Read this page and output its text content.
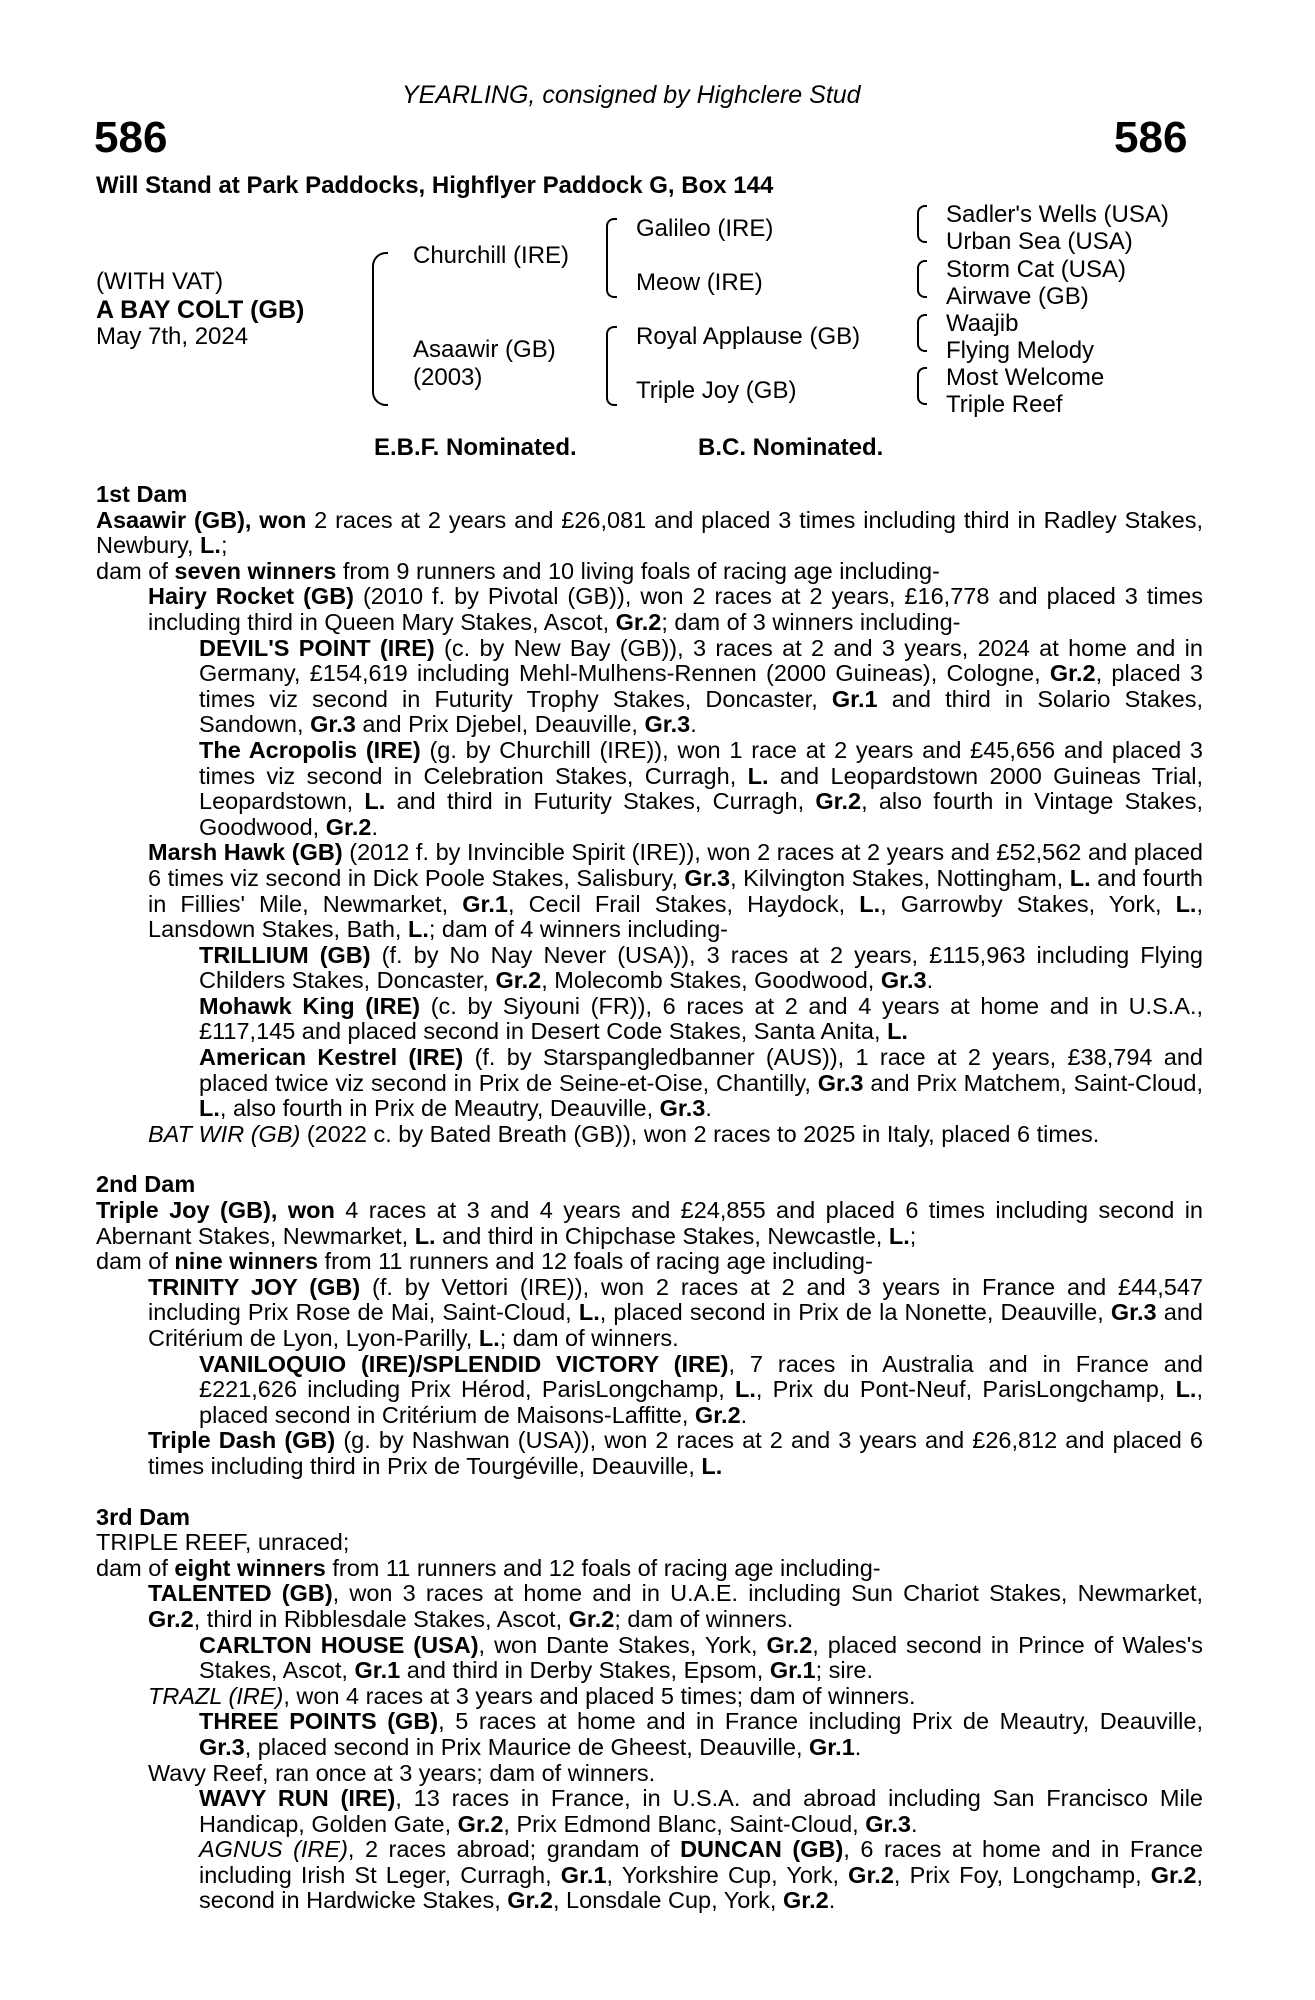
YEARLING, consigned by Highclere Stud
586	586
Will Stand at Park Paddocks, Highflyer Paddock G, Box 144
(WITH VAT)
A BAY COLT (GB)
May 7th, 2024
Churchill (IRE)
Asaawir (GB)
(2003)
Galileo (IRE)
Meow (IRE)
Royal Applause (GB)
Triple Joy (GB)
Sadler's Wells (USA)
Urban Sea (USA)
Storm Cat (USA)
Airwave (GB)
Waajib
Flying Melody
Most Welcome
Triple Reef
E.B.F. Nominated.	B.C. Nominated.

1st Dam

Asaawir (GB), won 2 races at 2 years and £26,081 and placed 3 times including third in Radley Stakes, Newbury, L.;

dam of seven winners from 9 runners and 10 living foals of racing age including-

Hairy Rocket (GB) (2010 f. by Pivotal (GB)), won 2 races at 2 years, £16,778 and placed 3 times including third in Queen Mary Stakes, Ascot, Gr.2; dam of 3 winners including-

DEVIL'S POINT (IRE) (c. by New Bay (GB)), 3 races at 2 and 3 years, 2024 at home and in Germany, £154,619 including Mehl-Mulhens-Rennen (2000 Guineas), Cologne, Gr.2, placed 3 times viz second in Futurity Trophy Stakes, Doncaster, Gr.1 and third in Solario Stakes, Sandown, Gr.3 and Prix Djebel, Deauville, Gr.3.

The Acropolis (IRE) (g. by Churchill (IRE)), won 1 race at 2 years and £45,656 and placed 3 times viz second in Celebration Stakes, Curragh, L. and Leopardstown 2000 Guineas Trial, Leopardstown, L. and third in Futurity Stakes, Curragh, Gr.2, also fourth in Vintage Stakes, Goodwood, Gr.2.

Marsh Hawk (GB) (2012 f. by Invincible Spirit (IRE)), won 2 races at 2 years and £52,562 and placed 6 times viz second in Dick Poole Stakes, Salisbury, Gr.3, Kilvington Stakes, Nottingham, L. and fourth in Fillies' Mile, Newmarket, Gr.1, Cecil Frail Stakes, Haydock, L., Garrowby Stakes, York, L., Lansdown Stakes, Bath, L.; dam of 4 winners including-

TRILLIUM (GB) (f. by No Nay Never (USA)), 3 races at 2 years, £115,963 including Flying Childers Stakes, Doncaster, Gr.2, Molecomb Stakes, Goodwood, Gr.3.

Mohawk King (IRE) (c. by Siyouni (FR)), 6 races at 2 and 4 years at home and in U.S.A., £117,145 and placed second in Desert Code Stakes, Santa Anita, L.

American Kestrel (IRE) (f. by Starspangledbanner (AUS)), 1 race at 2 years, £38,794 and placed twice viz second in Prix de Seine-et-Oise, Chantilly, Gr.3 and Prix Matchem, Saint-Cloud, L., also fourth in Prix de Meautry, Deauville, Gr.3.

BAT WIR (GB) (2022 c. by Bated Breath (GB)), won 2 races to 2025 in Italy, placed 6 times.

2nd Dam

Triple Joy (GB), won 4 races at 3 and 4 years and £24,855 and placed 6 times including second in Abernant Stakes, Newmarket, L. and third in Chipchase Stakes, Newcastle, L.;

dam of nine winners from 11 runners and 12 foals of racing age including-

TRINITY JOY (GB) (f. by Vettori (IRE)), won 2 races at 2 and 3 years in France and £44,547 including Prix Rose de Mai, Saint-Cloud, L., placed second in Prix de la Nonette, Deauville, Gr.3 and Critérium de Lyon, Lyon-Parilly, L.; dam of winners.

VANILOQUIO (IRE)/SPLENDID VICTORY (IRE), 7 races in Australia and in France and £221,626 including Prix Hérod, ParisLongchamp, L., Prix du Pont-Neuf, ParisLongchamp, L., placed second in Critérium de Maisons-Laffitte, Gr.2.

Triple Dash (GB) (g. by Nashwan (USA)), won 2 races at 2 and 3 years and £26,812 and placed 6 times including third in Prix de Tourgéville, Deauville, L.

3rd Dam

TRIPLE REEF, unraced;

dam of eight winners from 11 runners and 12 foals of racing age including-

TALENTED (GB), won 3 races at home and in U.A.E. including Sun Chariot Stakes, Newmarket, Gr.2, third in Ribblesdale Stakes, Ascot, Gr.2; dam of winners.

CARLTON HOUSE (USA), won Dante Stakes, York, Gr.2, placed second in Prince of Wales's Stakes, Ascot, Gr.1 and third in Derby Stakes, Epsom, Gr.1; sire.

TRAZL (IRE), won 4 races at 3 years and placed 5 times; dam of winners.

THREE POINTS (GB), 5 races at home and in France including Prix de Meautry, Deauville, Gr.3, placed second in Prix Maurice de Gheest, Deauville, Gr.1.

Wavy Reef, ran once at 3 years; dam of winners.

WAVY RUN (IRE), 13 races in France, in U.S.A. and abroad including San Francisco Mile Handicap, Golden Gate, Gr.2, Prix Edmond Blanc, Saint-Cloud, Gr.3.

AGNUS (IRE), 2 races abroad; grandam of DUNCAN (GB), 6 races at home and in France including Irish St Leger, Curragh, Gr.1, Yorkshire Cup, York, Gr.2, Prix Foy, Longchamp, Gr.2, second in Hardwicke Stakes, Gr.2, Lonsdale Cup, York, Gr.2.
